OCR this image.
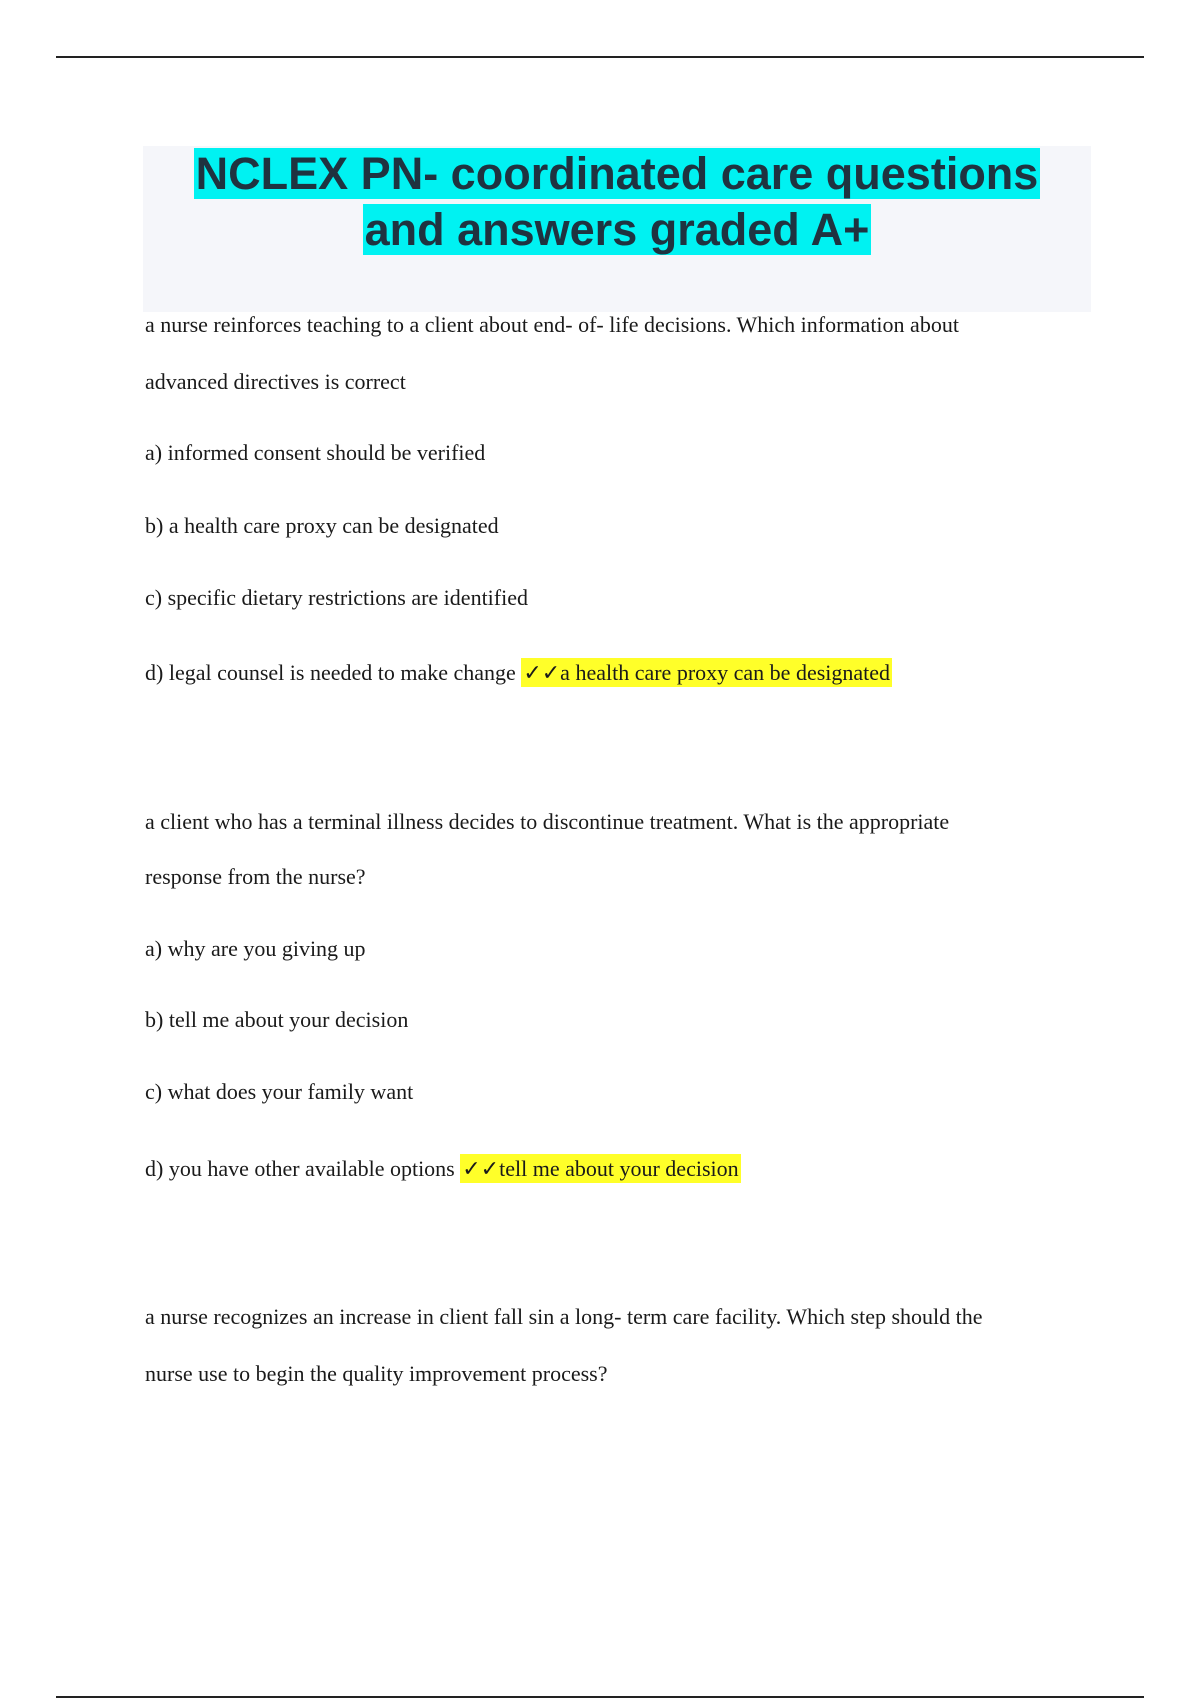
NCLEX PN- coordinated care questions
and answers graded A+

a nurse reinforces teaching to a client about end- of- life decisions. Which information about

advanced directives is correct

a) informed consent should be verified

b) a health care proxy can be designated

c) specific dietary restrictions are identified

d) legal counsel is needed to make change ✓✓a health care proxy can be designated

a client who has a terminal illness decides to discontinue treatment. What is the appropriate

response from the nurse?

a) why are you giving up

b) tell me about your decision

c) what does your family want

d) you have other available options ✓✓tell me about your decision

a nurse recognizes an increase in client fall sin a long- term care facility. Which step should the

nurse use to begin the quality improvement process?
